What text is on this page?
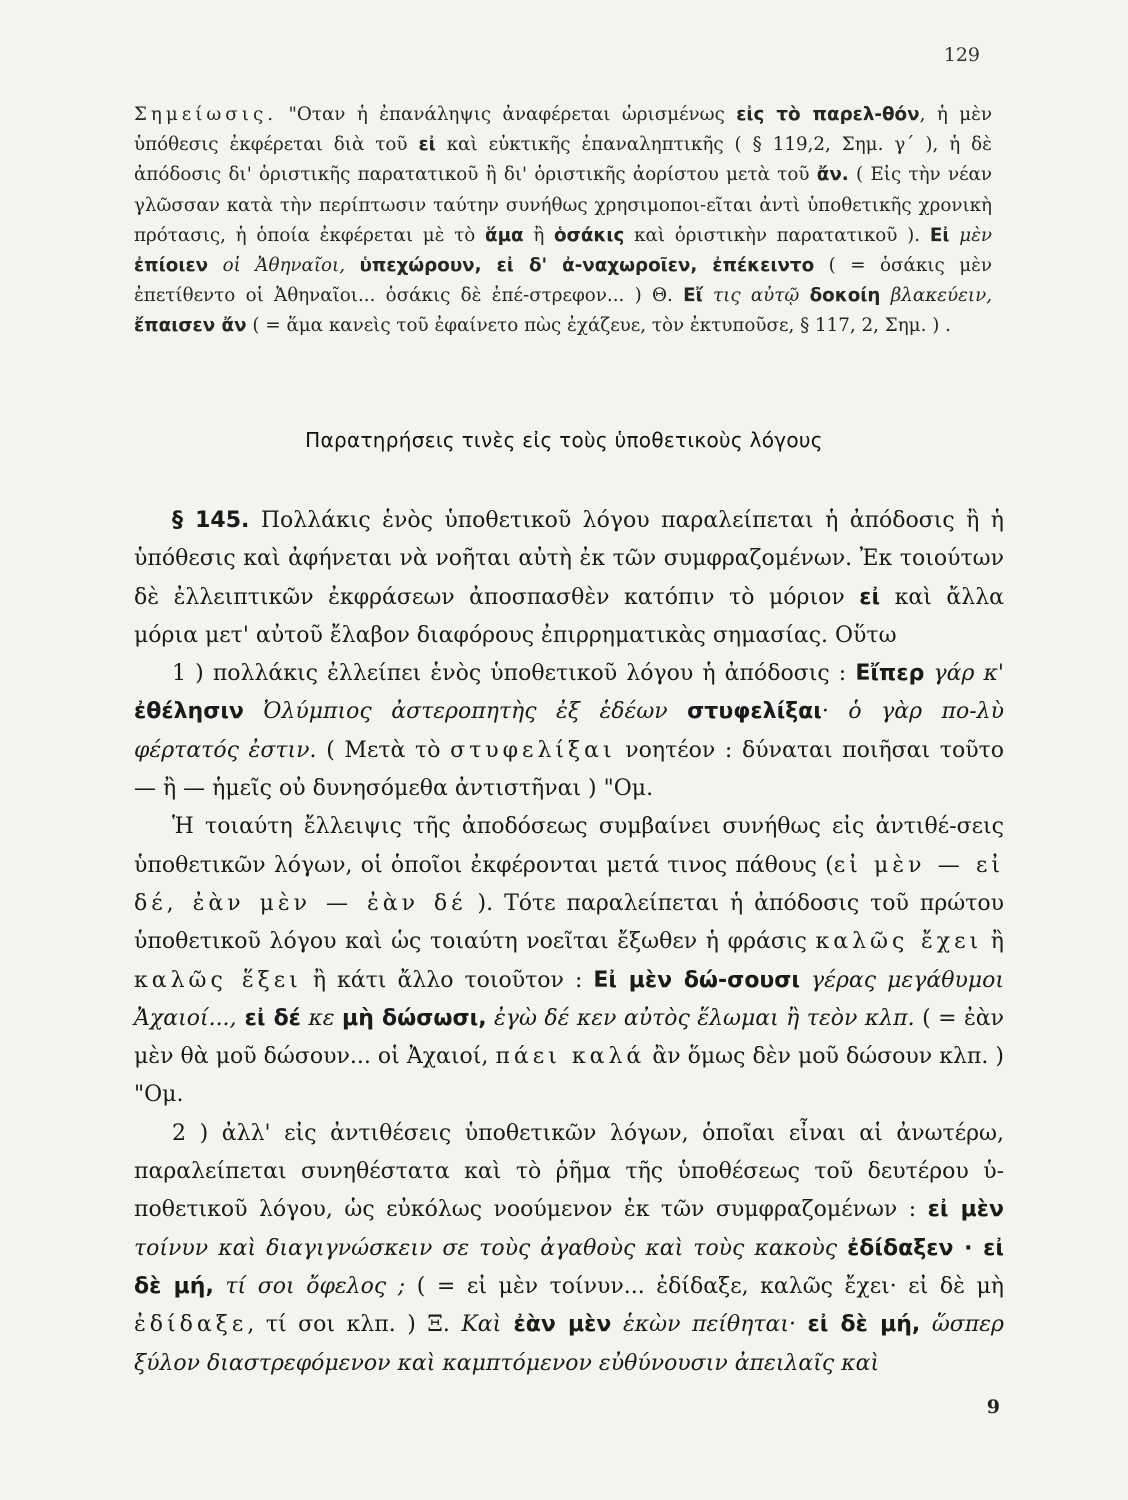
129

Σημείωσις. "Οταν ἡ ἐπανάληψις ἀναφέρεται ὡρισμένως εἰς τὸ παρελ-θόν, ἡ μὲν ὑπόθεσις ἐκφέρεται διὰ τοῦ εἰ καὶ εὐκτικῆς ἐπαναληπτικῆς ( § 119,2, Σημ. γ΄ ), ἡ δὲ ἀπόδοσις δι' ὁριστικῆς παρατατικοῦ ἢ δι' ὁριστικῆς ἀορίστου μετὰ τοῦ ἄν. ( Εἰς τὴν νέαν γλῶσσαν κατὰ τὴν περίπτωσιν ταύτην συνήθως χρησιμοποι-εῖται ἀντὶ ὑποθετικῆς χρονικὴ πρότασις, ἡ ὁποία ἐκφέρεται μὲ τὸ ἅμα ἢ ὁσάκις καὶ ὁριστικὴν παρατατικοῦ ). Εἰ μὲν ἐπίοιεν οἱ Ἀθηναῖοι, ὑπεχώρουν, εἰ δ' ἀ-ναχωροῖεν, ἐπέκειντο ( = ὁσάκις μὲν ἐπετίθεντο οἱ Ἀθηναῖοι... ὁσάκις δὲ ἐπέ-στρεφον... ) Θ. Εἴ τις αὐτῷ δοκοίη βλακεύειν, ἔπαισεν ἄν ( = ἅμα κανεὶς τοῦ ἐφαίνετο πὼς ἐχάζευε, τὸν ἐκτυποῦσε, § 117, 2, Σημ. ) .

Παρατηρήσεις τινὲς εἰς τοὺς ὑποθετικοὺς λόγους

§ 145. Πολλάκις ἑνὸς ὑποθετικοῦ λόγου παραλείπεται ἡ ἀπόδοσις ἢ ἡ ὑπόθεσις καὶ ἀφήνεται νὰ νοῆται αὐτὴ ἐκ τῶν συμφραζομένων. Ἐκ τοιούτων δὲ ἐλλειπτικῶν ἐκφράσεων ἀποσπασθὲν κατόπιν τὸ μόριον εἰ καὶ ἄλλα μόρια μετ' αὐτοῦ ἔλαβον διαφόρους ἐπιρρηματικὰς σημασίας. Οὕτω

1 ) πολλάκις ἐλλείπει ἑνὸς ὑποθετικοῦ λόγου ἡ ἀπόδοσις : Εἴπερ γάρ κ' ἐθέλησιν Ὀλύμπιος ἀστεροπητὴς ἐξ ἑδέων στυφελίξαι· ὁ γὰρ πο-λὺ φέρτατός ἐστιν. ( Μετὰ τὸ στυφελίξαι νοητέον : δύναται ποιῆσαι τοῦτο — ἢ — ἡμεῖς οὐ δυνησόμεθα ἀντιστῆναι ) "Ομ.

Ἡ τοιαύτη ἔλλειψις τῆς ἀποδόσεως συμβαίνει συνήθως εἰς ἀντιθέ-σεις ὑποθετικῶν λόγων, οἱ ὁποῖοι ἐκφέρονται μετά τινος πάθους (εἰ μὲν — εἰ δέ, ἐὰν μὲν — ἐὰν δέ ). Τότε παραλείπεται ἡ ἀπόδοσις τοῦ πρώτου ὑποθετικοῦ λόγου καὶ ὡς τοιαύτη νοεῖται ἔξωθεν ἡ φράσις καλῶς ἔχει ἢ καλῶς ἕξει ἢ κάτι ἄλλο τοιοῦτον : Εἰ μὲν δώ-σουσι γέρας μεγάθυμοι Ἀχαιοί..., εἰ δέ κε μὴ δώσωσι, ἐγὼ δέ κεν αὐτὸς ἕλωμαι ἢ τεὸν κλπ. ( = ἐὰν μὲν θὰ μοῦ δώσουν... οἱ Ἀχαιοί, πάει καλά ἂν ὅμως δὲν μοῦ δώσουν κλπ. ) "Ομ.

2 ) ἀλλ' εἰς ἀντιθέσεις ὑποθετικῶν λόγων, ὁποῖαι εἶναι αἱ ἀνωτέρω, παραλείπεται συνηθέστατα καὶ τὸ ῥῆμα τῆς ὑποθέσεως τοῦ δευτέρου ὑ-ποθετικοῦ λόγου, ὡς εὐκόλως νοούμενον ἐκ τῶν συμφραζομένων : εἰ μὲν τοίνυν καὶ διαγιγνώσκειν σε τοὺς ἀγαθοὺς καὶ τοὺς κακοὺς ἐδίδαξεν · εἰ δὲ μή, τί σοι ὄφελος ; ( = εἰ μὲν τοίνυν... ἐδίδαξε, καλῶς ἔχει· εἰ δὲ μὴ ἐδίδαξε, τί σοι κλπ. ) Ξ. Καὶ ἐὰν μὲν ἑκὼν πείθηται· εἰ δὲ μή, ὥσπερ ξύλον διαστρεφόμενον καὶ καμπτόμενον εὐθύνουσιν ἀπειλαῖς καὶ

9
